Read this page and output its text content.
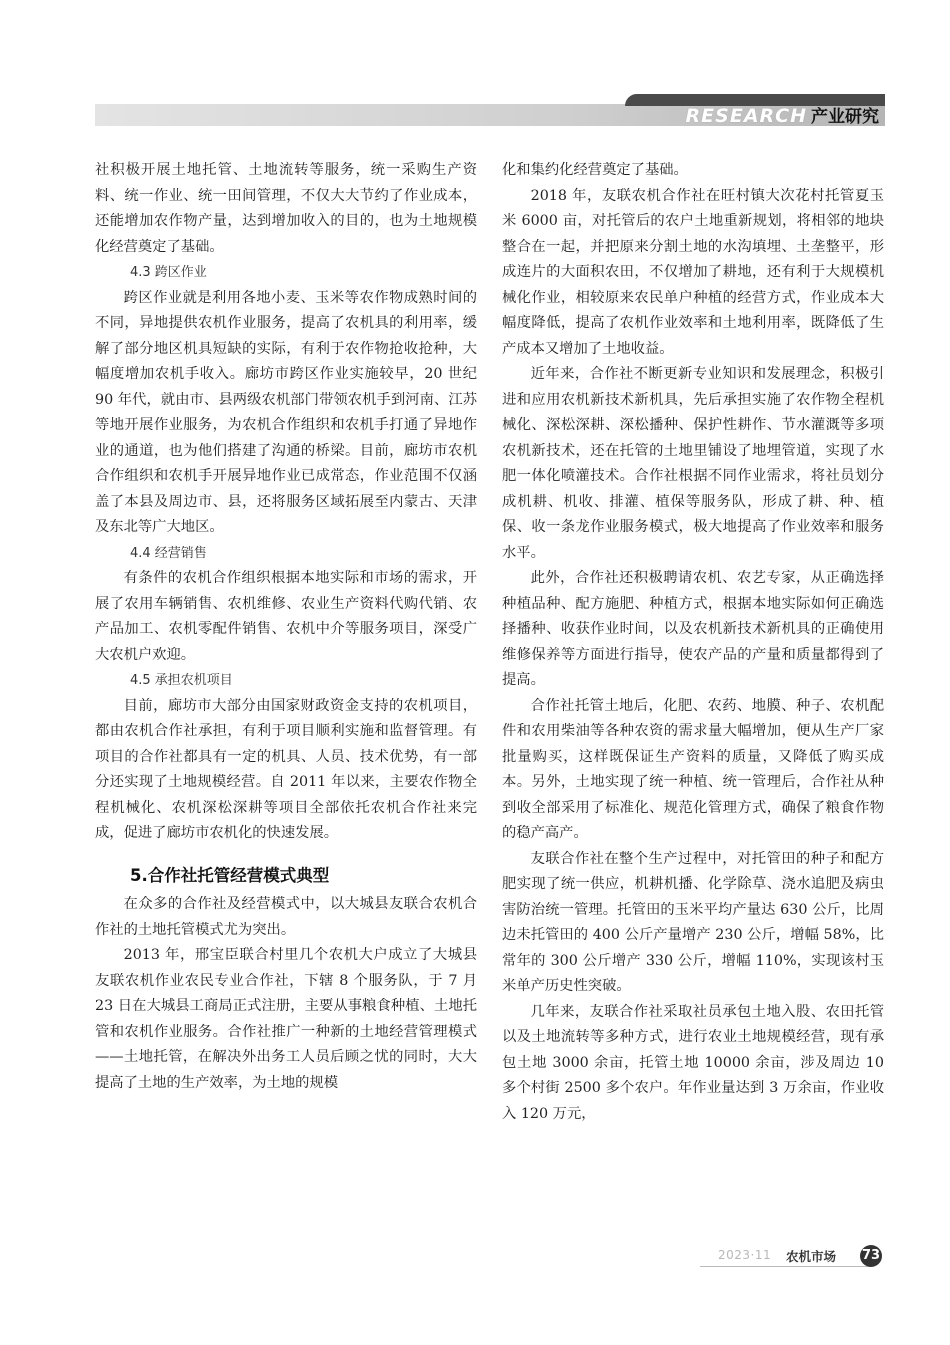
RESEARCH 产业研究

社积极开展土地托管、土地流转等服务，统一采购生产资料、统一作业、统一田间管理，不仅大大节约了作业成本，还能增加农作物产量，达到增加收入的目的，也为土地规模化经营奠定了基础。

4.3 跨区作业

跨区作业就是利用各地小麦、玉米等农作物成熟时间的不同，异地提供农机作业服务，提高了农机具的利用率，缓解了部分地区机具短缺的实际，有利于农作物抢收抢种，大幅度增加农机手收入。廊坊市跨区作业实施较早，20 世纪 90 年代，就由市、县两级农机部门带领农机手到河南、江苏等地开展作业服务，为农机合作组织和农机手打通了异地作业的通道，也为他们搭建了沟通的桥梁。目前，廊坊市农机合作组织和农机手开展异地作业已成常态，作业范围不仅涵盖了本县及周边市、县，还将服务区域拓展至内蒙古、天津及东北等广大地区。

4.4 经营销售

有条件的农机合作组织根据本地实际和市场的需求，开展了农用车辆销售、农机维修、农业生产资料代购代销、农产品加工、农机零配件销售、农机中介等服务项目，深受广大农机户欢迎。

4.5 承担农机项目

目前，廊坊市大部分由国家财政资金支持的农机项目，都由农机合作社承担，有利于项目顺利实施和监督管理。有项目的合作社都具有一定的机具、人员、技术优势，有一部分还实现了土地规模经营。自 2011 年以来，主要农作物全程机械化、农机深松深耕等项目全部依托农机合作社来完成，促进了廊坊市农机化的快速发展。

5.合作社托管经营模式典型

在众多的合作社及经营模式中，以大城县友联合农机合作社的土地托管模式尤为突出。

2013 年，邢宝臣联合村里几个农机大户成立了大城县友联农机作业农民专业合作社，下辖 8 个服务队，于 7 月 23 日在大城县工商局正式注册，主要从事粮食种植、土地托管和农机作业服务。合作社推广一种新的土地经营管理模式——土地托管，在解决外出务工人员后顾之忧的同时，大大提高了土地的生产效率，为土地的规模

化和集约化经营奠定了基础。

2018 年，友联农机合作社在旺村镇大次花村托管夏玉米 6000 亩，对托管后的农户土地重新规划，将相邻的地块整合在一起，并把原来分割土地的水沟填埋、土垄整平，形成连片的大面积农田，不仅增加了耕地，还有利于大规模机械化作业，相较原来农民单户种植的经营方式，作业成本大幅度降低，提高了农机作业效率和土地利用率，既降低了生产成本又增加了土地收益。

近年来，合作社不断更新专业知识和发展理念，积极引进和应用农机新技术新机具，先后承担实施了农作物全程机械化、深松深耕、深松播种、保护性耕作、节水灌溉等多项农机新技术，还在托管的土地里铺设了地埋管道，实现了水肥一体化喷灌技术。合作社根据不同作业需求，将社员划分成机耕、机收、排灌、植保等服务队，形成了耕、种、植保、收一条龙作业服务模式，极大地提高了作业效率和服务水平。

此外，合作社还积极聘请农机、农艺专家，从正确选择种植品种、配方施肥、种植方式，根据本地实际如何正确选择播种、收获作业时间，以及农机新技术新机具的正确使用维修保养等方面进行指导，使农产品的产量和质量都得到了提高。

合作社托管土地后，化肥、农药、地膜、种子、农机配件和农用柴油等各种农资的需求量大幅增加，便从生产厂家批量购买，这样既保证生产资料的质量，又降低了购买成本。另外，土地实现了统一种植、统一管理后，合作社从种到收全部采用了标准化、规范化管理方式，确保了粮食作物的稳产高产。

友联合作社在整个生产过程中，对托管田的种子和配方肥实现了统一供应，机耕机播、化学除草、浇水追肥及病虫害防治统一管理。托管田的玉米平均产量达 630 公斤，比周边未托管田的 400 公斤产量增产 230 公斤，增幅 58%，比常年的 300 公斤增产 330 公斤，增幅 110%，实现该村玉米单产历史性突破。

几年来，友联合作社采取社员承包土地入股、农田托管以及土地流转等多种方式，进行农业土地规模经营，现有承包土地 3000 余亩，托管土地 10000 余亩，涉及周边 10 多个村街 2500 多个农户。年作业量达到 3 万余亩，作业收入 120 万元，

2023·11 农机市场 73
